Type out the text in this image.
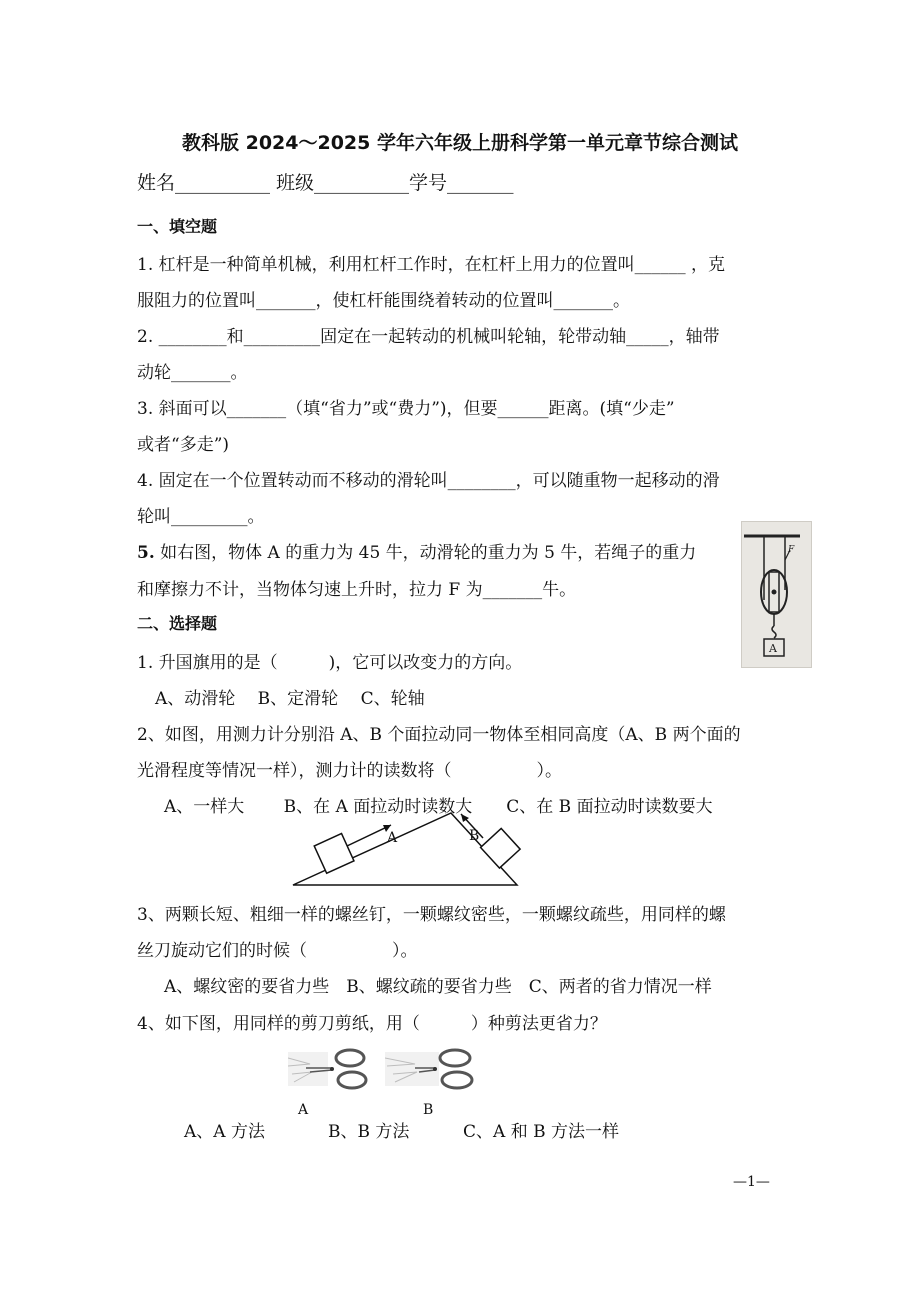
教科版 2024～2025 学年六年级上册科学第一单元章节综合测试
姓名__________ 班级__________学号_______
一、填空题
1. 杠杆是一种简单机械，利用杠杆工作时，在杠杆上用力的位置叫______ ，克
服阻力的位置叫_______，使杠杆能围绕着转动的位置叫_______。
2. ________和_________固定在一起转动的机械叫轮轴，轮带动轴_____，轴带
动轮_______。
3. 斜面可以_______（填“省力”或“费力”)，但要______距离。(填“少走”
或者“多走”)
4. 固定在一个位置转动而不移动的滑轮叫________，可以随重物一起移动的滑
轮叫_________。
5. 如右图，物体 A 的重力为 45 牛，动滑轮的重力为 5 牛，若绳子的重力
和摩擦力不计，当物体匀速上升时，拉力 F 为_______牛。
F
A
二、选择题
1. 升国旗用的是（　　　)，它可以改变力的方向。
A、动滑轮　 B、定滑轮　 C、轮轴
2、如图，用测力计分别沿 A、B 个面拉动同一物体至相同高度（A、B 两个面的
光滑程度等情况一样），测力计的读数将（　　　　　）。
A、一样大　　 B、在 A 面拉动时读数大　　C、在 B 面拉动时读数要大
A	B
3、两颗长短、粗细一样的螺丝钉，一颗螺纹密些，一颗螺纹疏些，用同样的螺
丝刀旋动它们的时候（　　　　　）。
A、螺纹密的要省力些　B、螺纹疏的要省力些　C、两者的省力情况一样
4、如下图，用同样的剪刀剪纸，用（　　　）种剪法更省力？
A	B
A、A 方法	B、B 方法	C、A 和 B 方法一样
—1—
